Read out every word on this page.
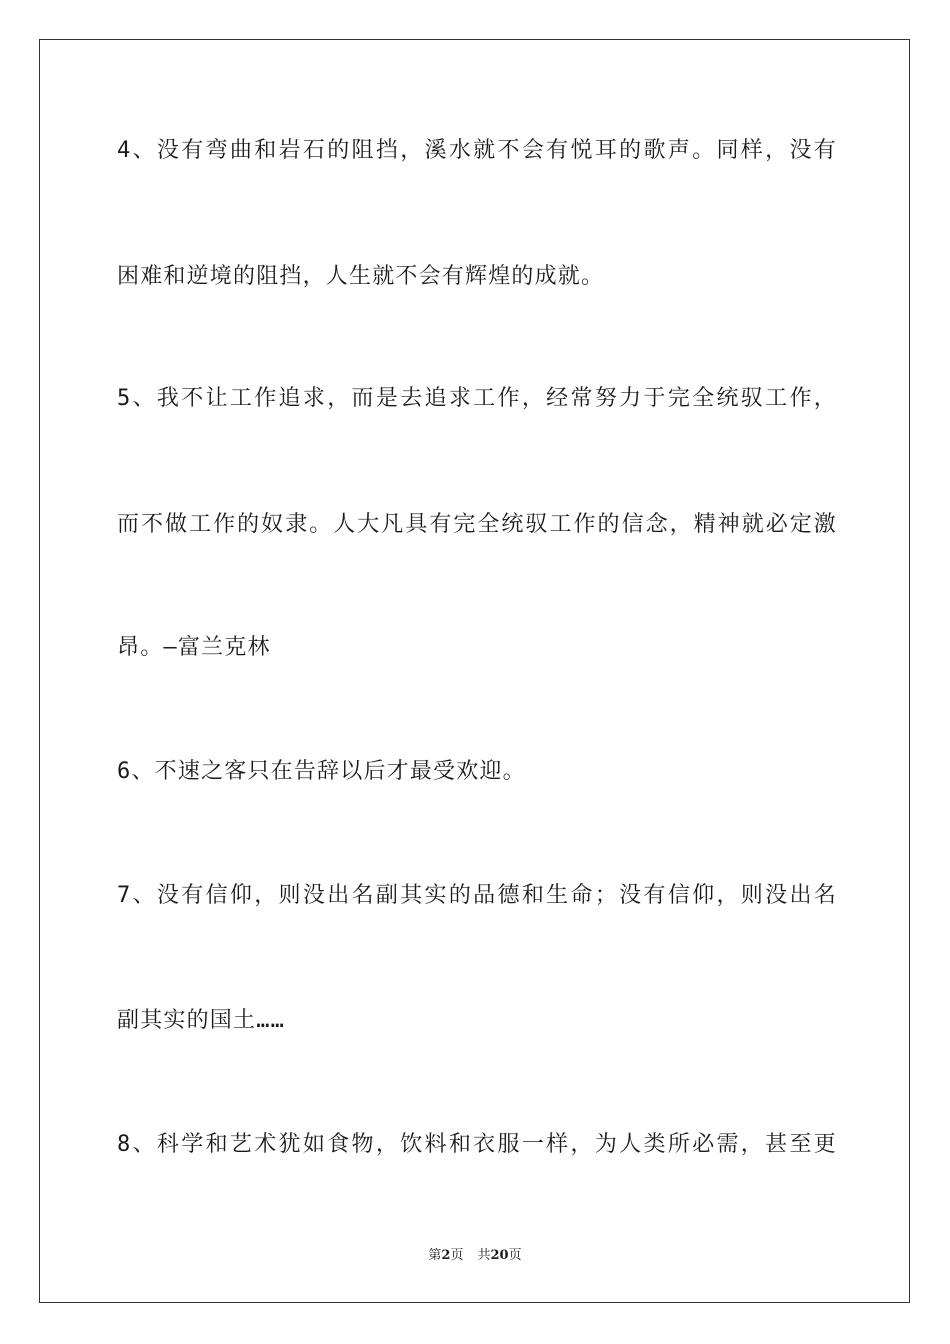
4、没有弯曲和岩石的阻挡，溪水就不会有悦耳的歌声。同样，没有
困难和逆境的阻挡，人生就不会有辉煌的成就。
5、我不让工作追求，而是去追求工作，经常努力于完全统驭工作，
而不做工作的奴隶。人大凡具有完全统驭工作的信念，精神就必定激
昂。—富兰克林
6、不速之客只在告辞以后才最受欢迎。
7、没有信仰，则没出名副其实的品德和生命；没有信仰，则没出名
副其实的国土……
8、科学和艺术犹如食物，饮料和衣服一样，为人类所必需，甚至更
第2页 共20页
